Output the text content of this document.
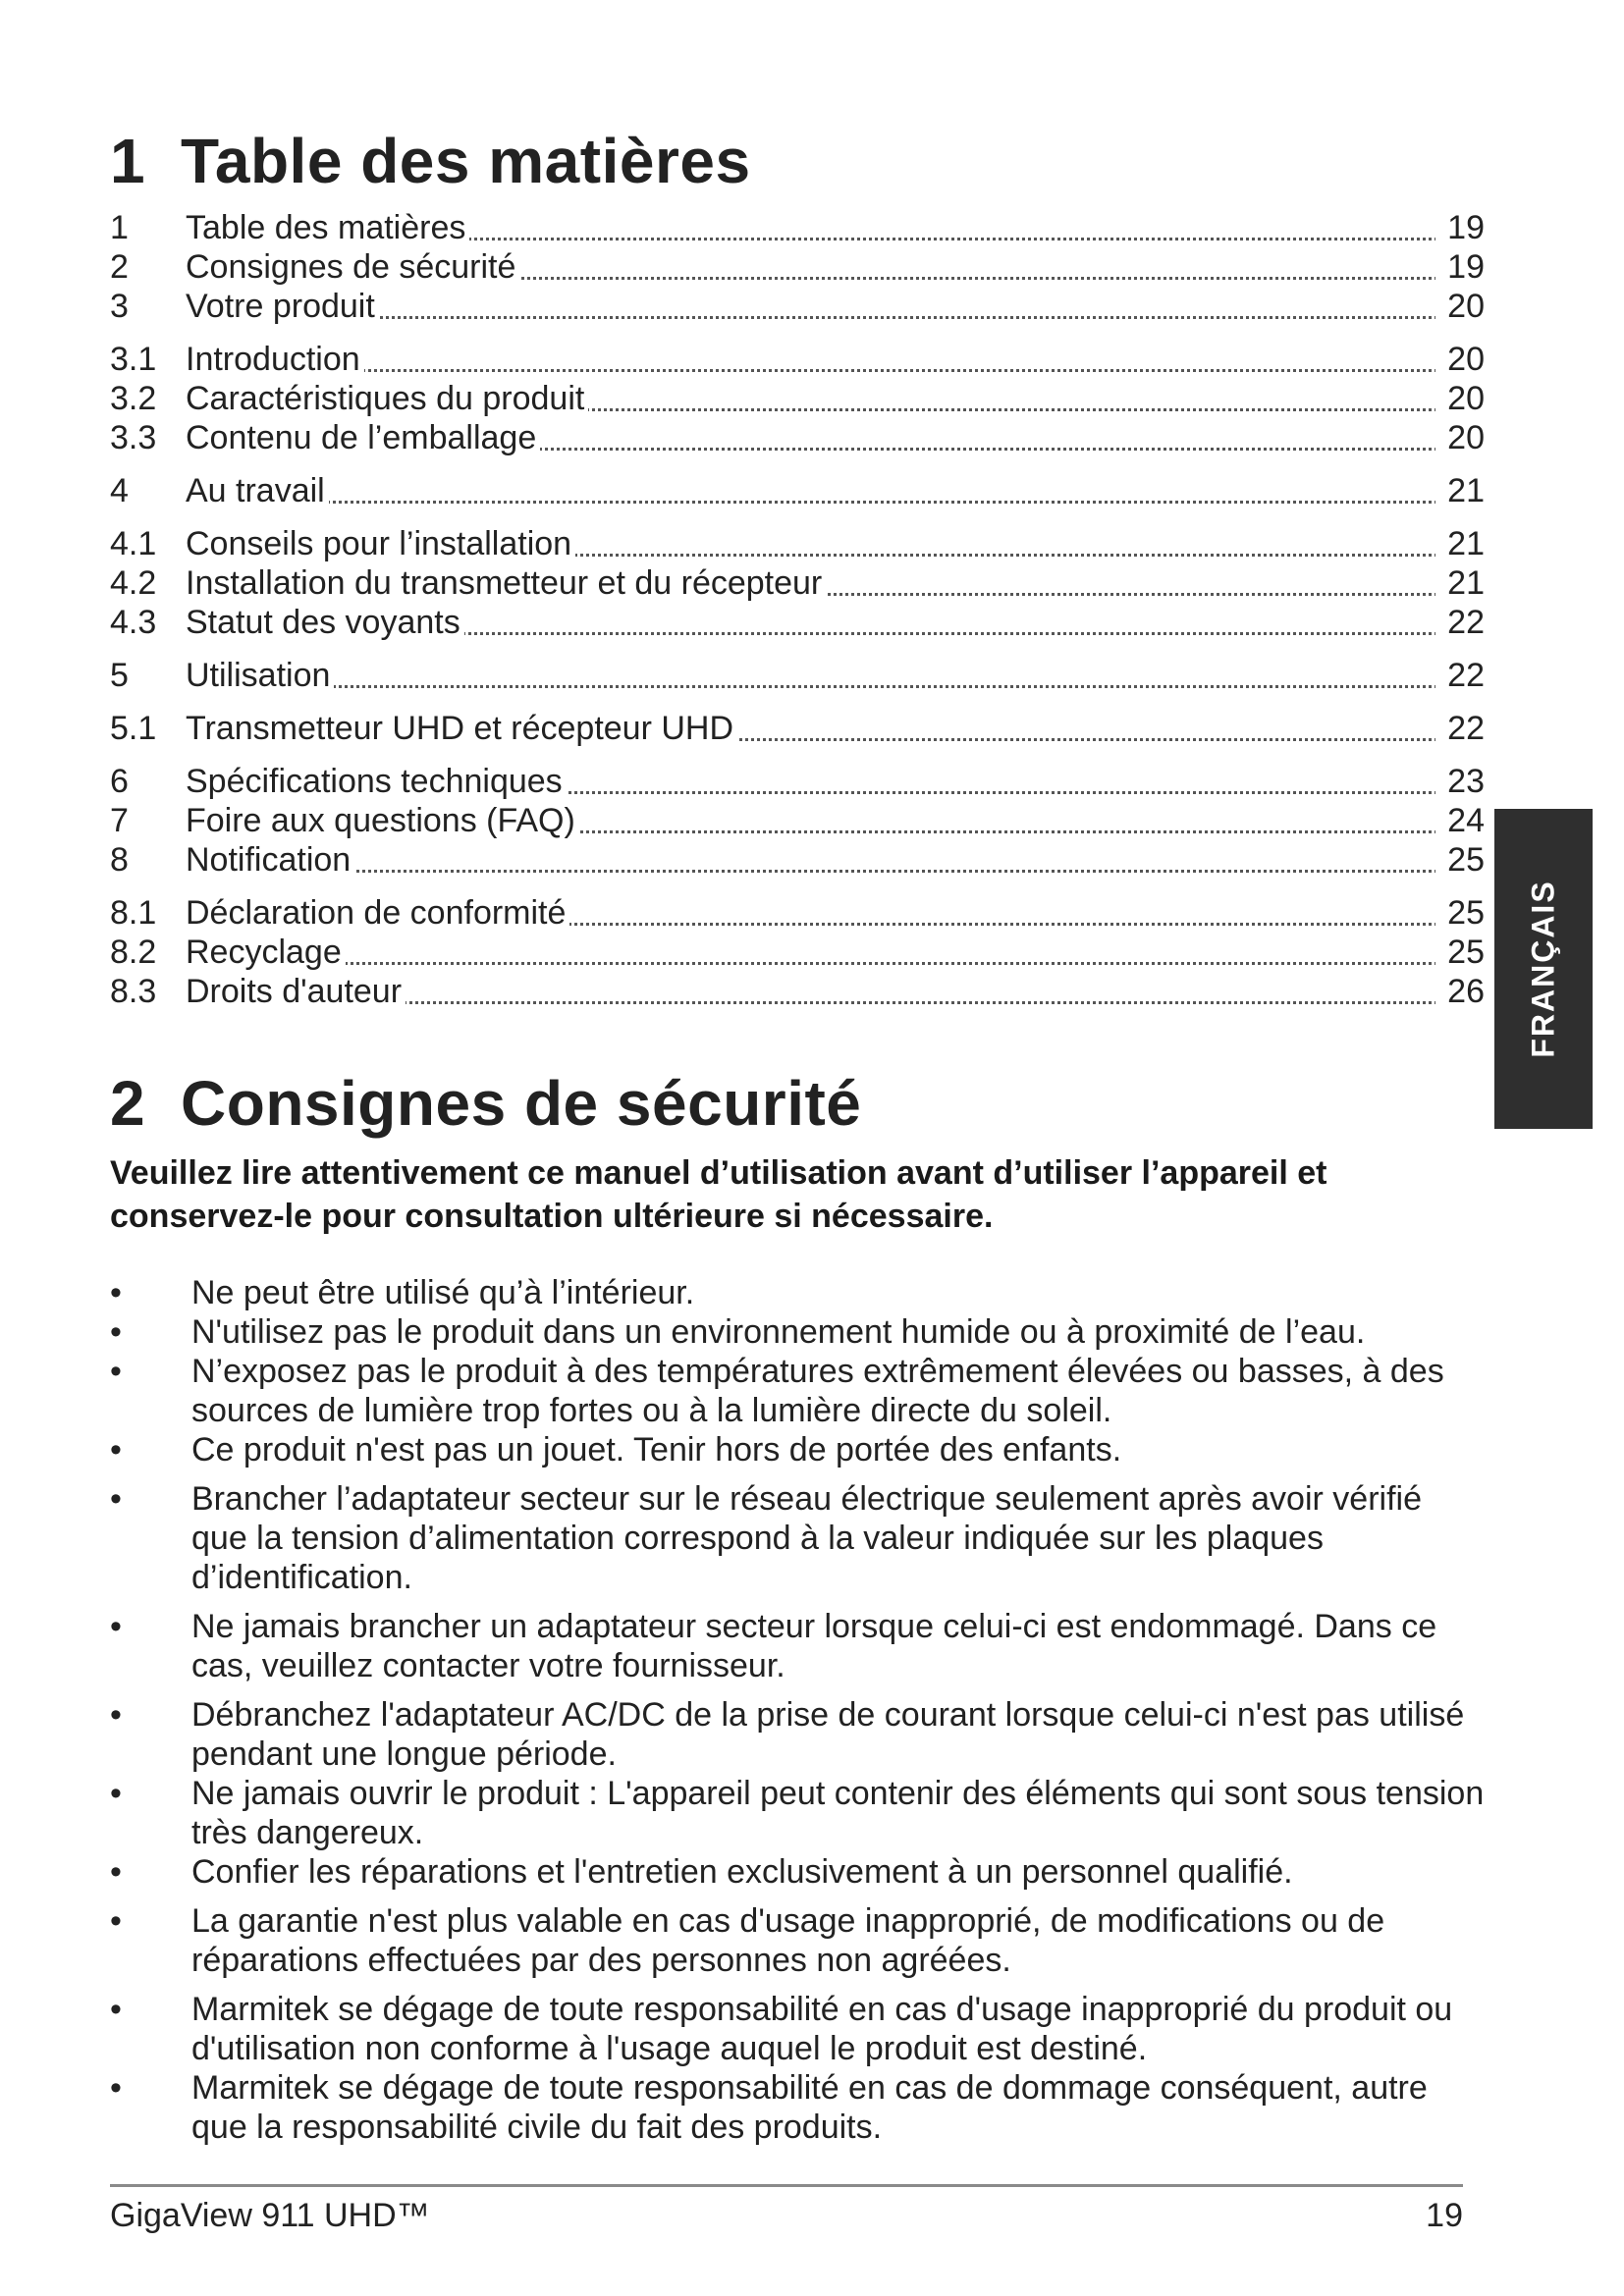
1 Table des matières
1	Table des matières	19
2	Consignes de sécurité	19
3	Votre produit	20
3.1 Introduction	20
3.2 Caractéristiques du produit	20
3.3 Contenu de l’emballage	20
4	Au travail	21
4.1 Conseils pour l’installation	21
4.2 Installation du transmetteur et du récepteur	21
4.3 Statut des voyants	22
5	Utilisation	22
5.1 Transmetteur UHD et récepteur UHD	22
6	Spécifications techniques	23
7	Foire aux questions (FAQ)	24
8	Notification	25
8.1 Déclaration de conformité	25
8.2 Recyclage	25
8.3 Droits d'auteur	26
2 Consignes de sécurité

Veuillez lire attentivement ce manuel d’utilisation avant d’utiliser l’appareil et conservez-le pour consultation ultérieure si nécessaire.

•	Ne peut être utilisé qu’à l’intérieur.
•	N'utilisez pas le produit dans un environnement humide ou à proximité de l’eau.
•	N’exposez pas le produit à des températures extrêmement élevées ou basses, à des sources de lumière trop fortes ou à la lumière directe du soleil.
•	Ce produit n'est pas un jouet. Tenir hors de portée des enfants.
•	Brancher l’adaptateur secteur sur le réseau électrique seulement après avoir vérifié que la tension d’alimentation correspond à la valeur indiquée sur les plaques d’identification.
•	Ne jamais brancher un adaptateur secteur lorsque celui-ci est endommagé. Dans ce cas, veuillez contacter votre fournisseur.
•	Débranchez l'adaptateur AC/DC de la prise de courant lorsque celui-ci n'est pas utilisé pendant une longue période.
•	Ne jamais ouvrir le produit : L'appareil peut contenir des éléments qui sont sous tension très dangereux.
•	Confier les réparations et l'entretien exclusivement à un personnel qualifié.
•	La garantie n'est plus valable en cas d'usage inapproprié, de modifications ou de réparations effectuées par des personnes non agréées.
•	Marmitek se dégage de toute responsabilité en cas d'usage inapproprié du produit ou d'utilisation non conforme à l'usage auquel le produit est destiné.
•	Marmitek se dégage de toute responsabilité en cas de dommage conséquent, autre que la responsabilité civile du fait des produits.
FRANÇAIS
GigaView 911 UHD™	19
